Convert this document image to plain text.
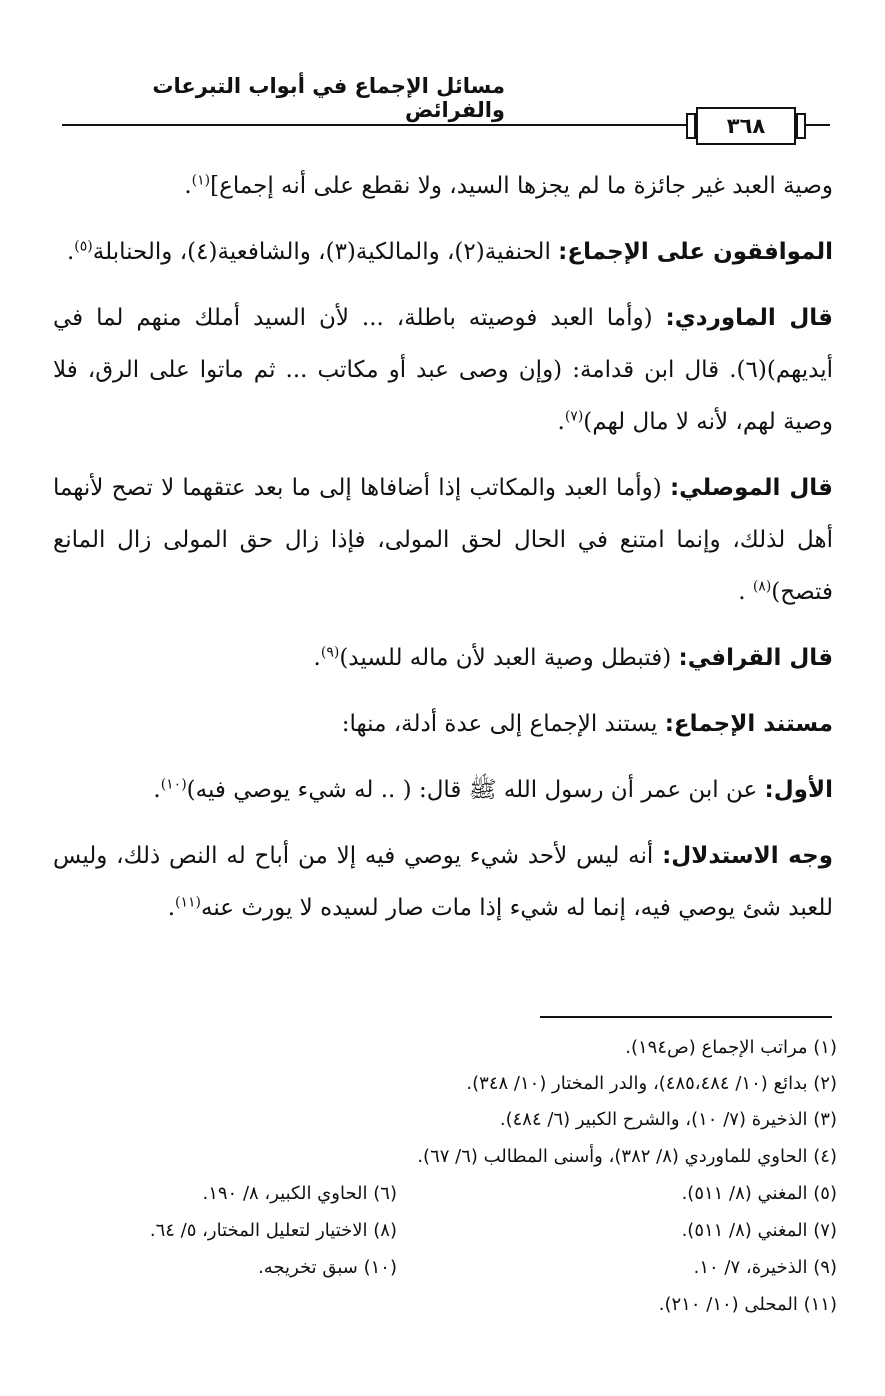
مسائل الإجماع في أبواب التبرعات والفرائض
٣٦٨

وصية العبد غير جائزة ما لم يجزها السيد، ولا نقطع على أنه إجماع]$^{(١)}$.

الموافقون على الإجماع: الحنفية(٢)، والمالكية(٣)، والشافعية(٤)، والحنابلة$^{(٥)}$.

قال الماوردي: (وأما العبد فوصيته باطلة، ... لأن السيد أملك منهم لما في أيديهم)(٦). قال ابن قدامة: (وإن وصى عبد أو مكاتب ... ثم ماتوا على الرق، فلا وصية لهم، لأنه لا مال لهم)$^{(٧)}$.

قال الموصلي: (وأما العبد والمكاتب إذا أضافاها إلى ما بعد عتقهما لا تصح لأنهما أهل لذلك، وإنما امتنع في الحال لحق المولى، فإذا زال حق المولى زال المانع فتصح)$^{(٨)}$ .

قال القرافي: (فتبطل وصية العبد لأن ماله للسيد)$^{(٩)}$.

مستند الإجماع: يستند الإجماع إلى عدة أدلة، منها:

الأول: عن ابن عمر أن رسول الله ﷺ قال: ( .. له شيء يوصي فيه)$^{(١٠)}$.

وجه الاستدلال: أنه ليس لأحد شيء يوصي فيه إلا من أباح له النص ذلك، وليس للعبد شئ يوصي فيه، إنما له شيء إذا مات صار لسيده لا يورث عنه$^{(١١)}$.

(١) مراتب الإجماع (ص١٩٤).
(٢) بدائع (١٠/ ٤٨٥،٤٨٤)، والدر المختار (١٠/ ٣٤٨).
(٣) الذخيرة (٧/ ١٠)، والشرح الكبير (٦/ ٤٨٤).
(٤) الحاوي للماوردي (٨/ ٣٨٢)، وأسنى المطالب (٦/ ٦٧).
(٥) المغني (٨/ ٥١١).
(٦) الحاوي الكبير، ٨/ ١٩٠.
(٧) المغني (٨/ ٥١١).
(٨) الاختيار لتعليل المختار، ٥/ ٦٤.
(٩) الذخيرة، ٧/ ١٠.
(١٠) سبق تخريجه.
(١١) المحلى (١٠/ ٢١٠).
